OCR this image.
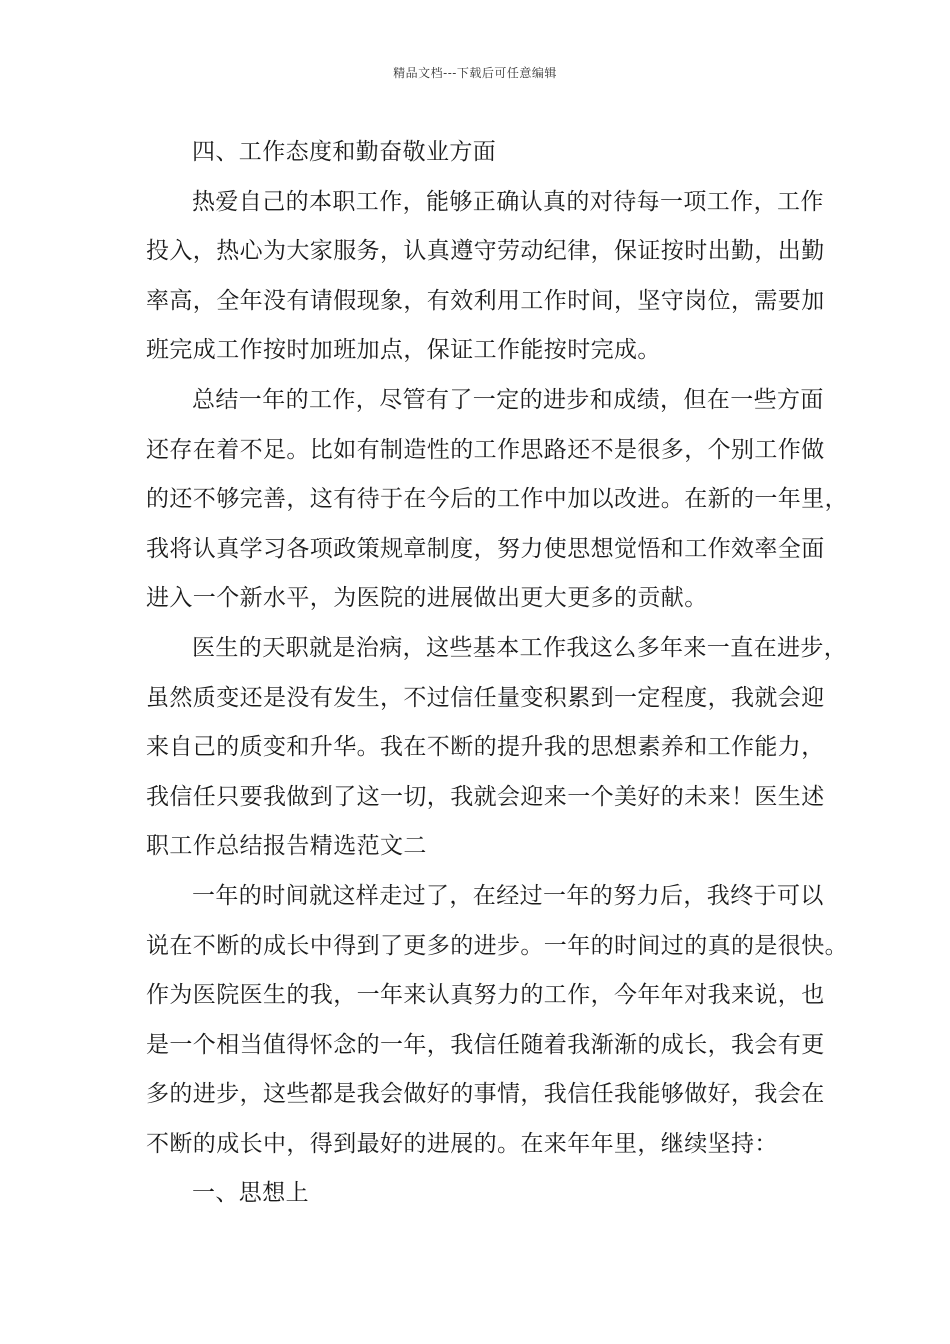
精品文档---下载后可任意编辑
四、工作态度和勤奋敬业方面
热爱自己的本职工作，能够正确认真的对待每一项工作，工作
投入，热心为大家服务，认真遵守劳动纪律，保证按时出勤，出勤
率高，全年没有请假现象，有效利用工作时间，坚守岗位，需要加
班完成工作按时加班加点，保证工作能按时完成。
总结一年的工作，尽管有了一定的进步和成绩，但在一些方面
还存在着不足。比如有制造性的工作思路还不是很多，个别工作做
的还不够完善，这有待于在今后的工作中加以改进。在新的一年里，
我将认真学习各项政策规章制度，努力使思想觉悟和工作效率全面
进入一个新水平，为医院的进展做出更大更多的贡献。
医生的天职就是治病，这些基本工作我这么多年来一直在进步，
虽然质变还是没有发生，不过信任量变积累到一定程度，我就会迎
来自己的质变和升华。我在不断的提升我的思想素养和工作能力，
我信任只要我做到了这一切，我就会迎来一个美好的未来！医生述
职工作总结报告精选范文二
一年的时间就这样走过了，在经过一年的努力后，我终于可以
说在不断的成长中得到了更多的进步。一年的时间过的真的是很快。
作为医院医生的我，一年来认真努力的工作，今年年对我来说，也
是一个相当值得怀念的一年，我信任随着我渐渐的成长，我会有更
多的进步，这些都是我会做好的事情，我信任我能够做好，我会在
不断的成长中，得到最好的进展的。在来年年里，继续坚持：
一、思想上
